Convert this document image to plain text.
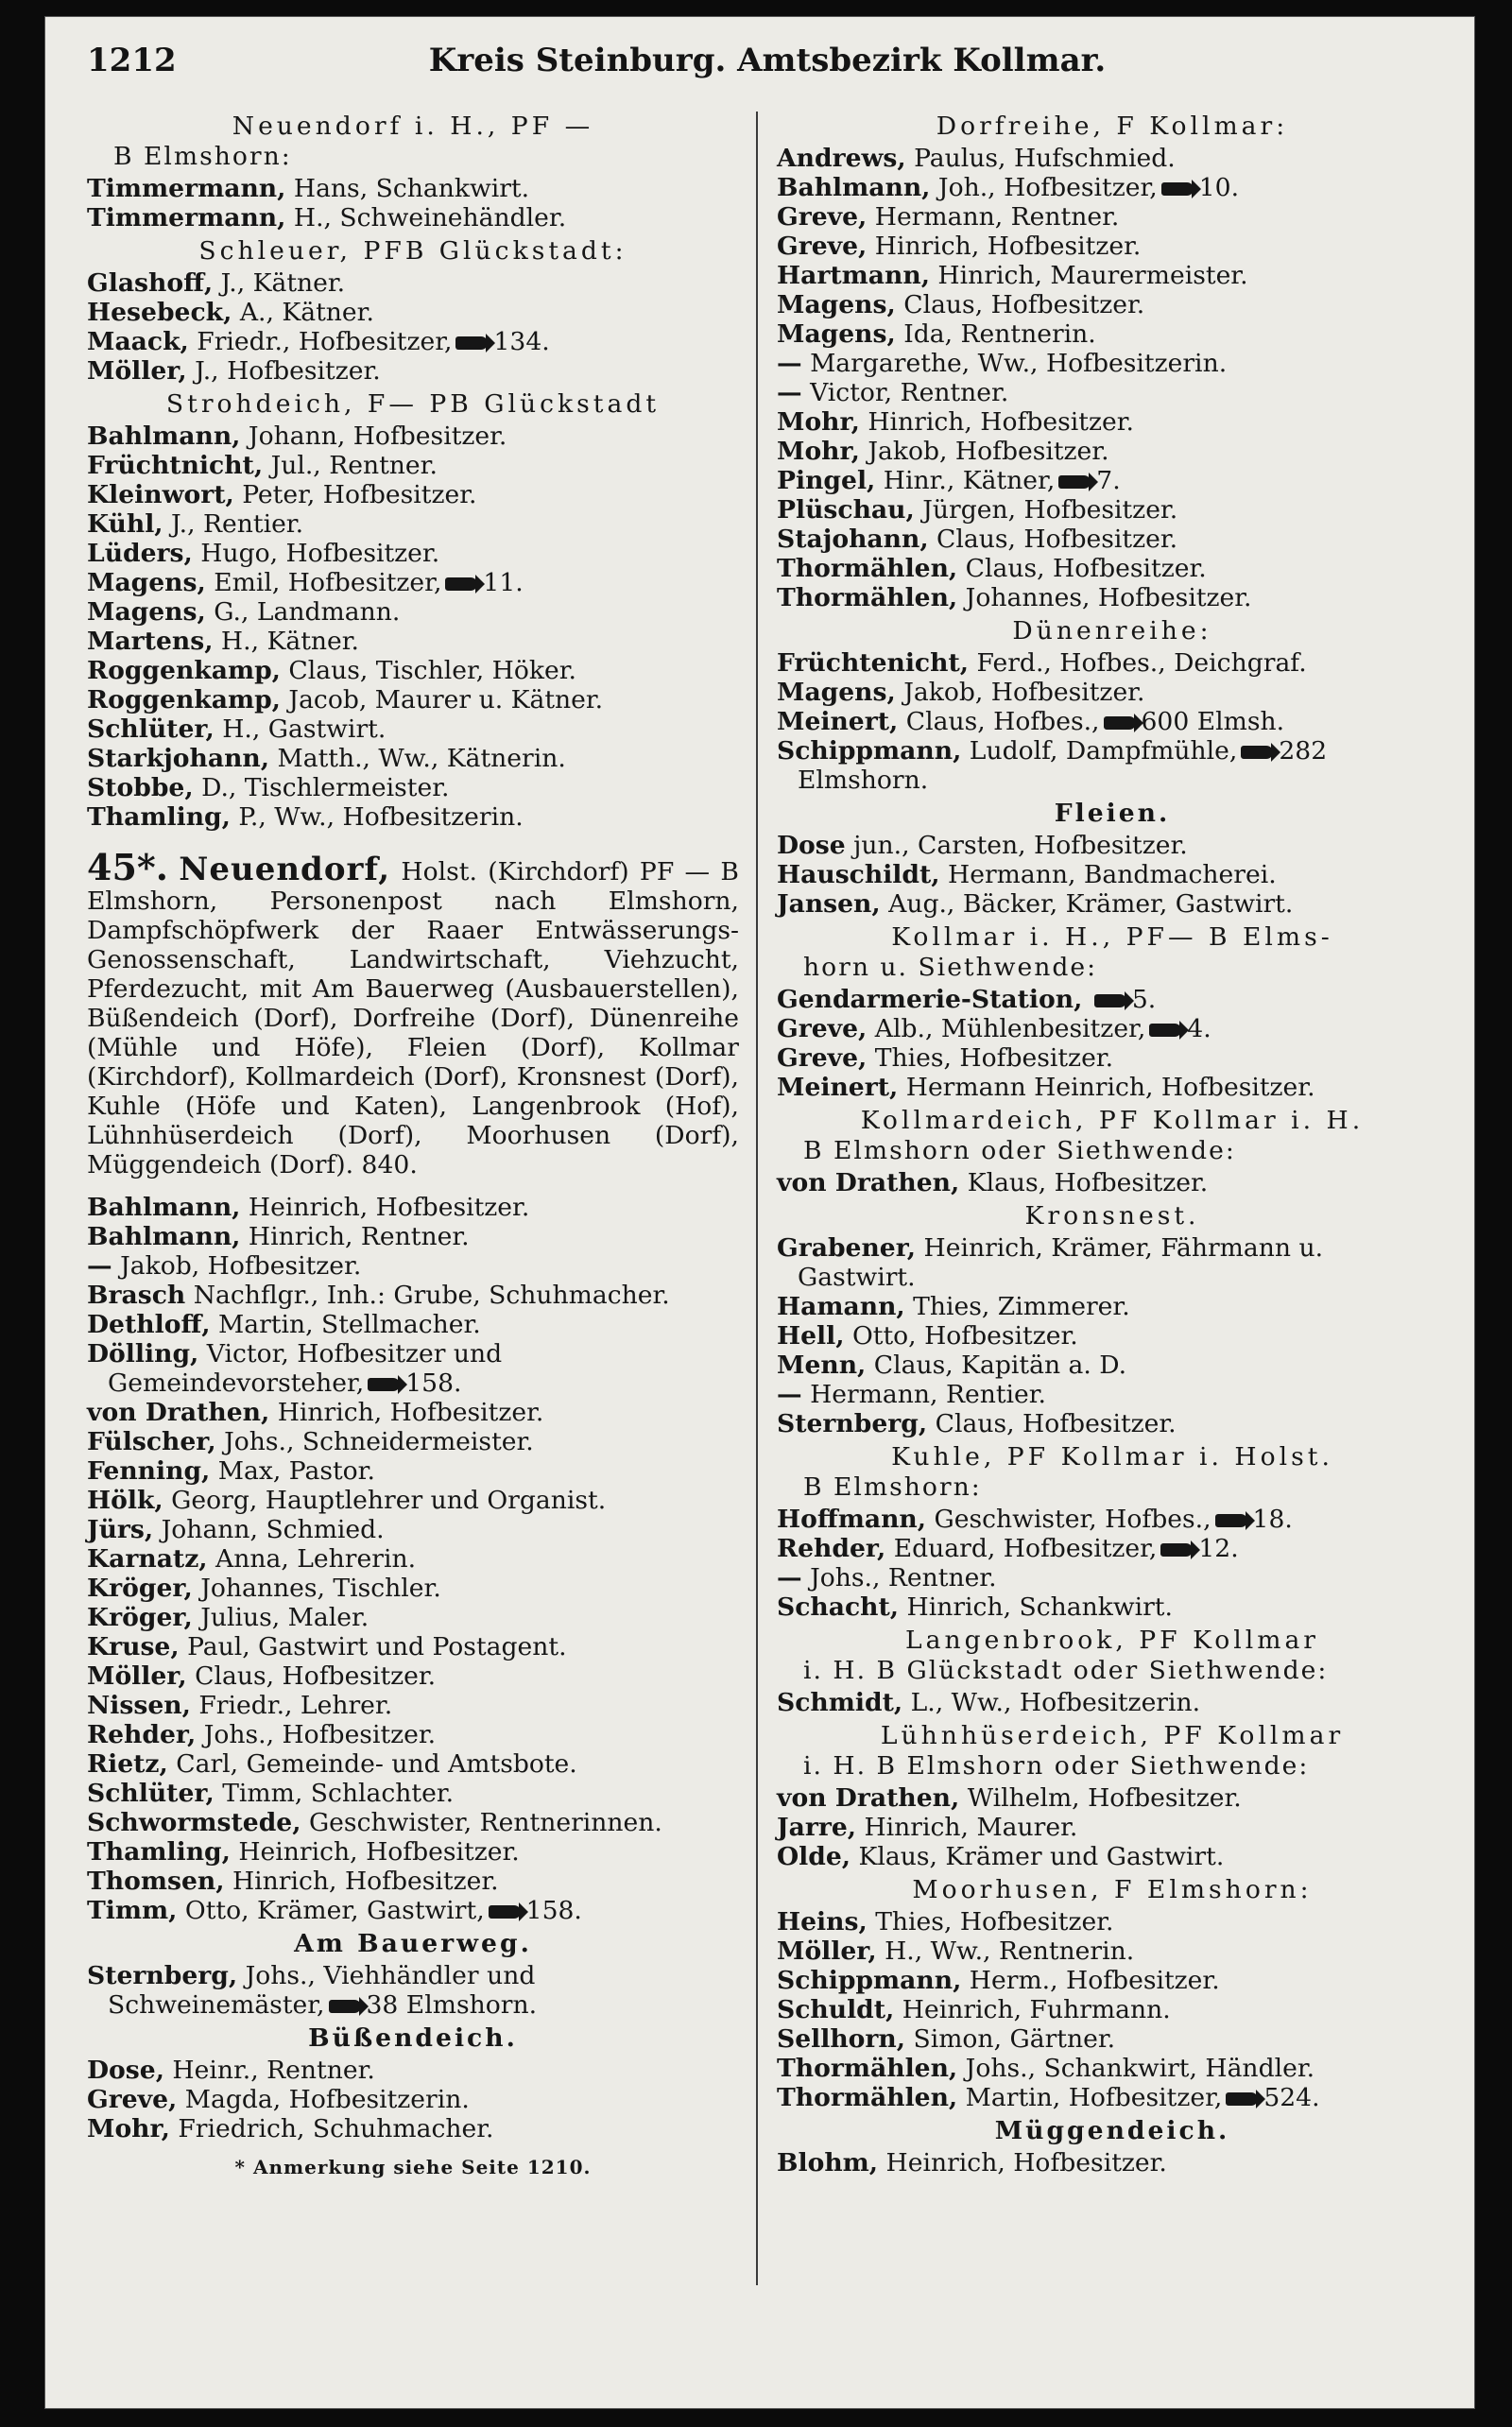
1212	Kreis Steinburg. Amtsbezirk Kollmar.
Neuendorf i. H., PF —
B Elmshorn:

Timmermann, Hans, Schankwirt.

Timmermann, H., Schweinehändler.

Schleuer, PFB Glückstadt:

Glashoff, J., Kätner.

Hesebeck, A., Kätner.

Maack, Friedr., Hofbesitzer, 134.

Möller, J., Hofbesitzer.

Strohdeich, F— PB Glückstadt

Bahlmann, Johann, Hofbesitzer.

Früchtnicht, Jul., Rentner.

Kleinwort, Peter, Hofbesitzer.

Kühl, J., Rentier.

Lüders, Hugo, Hofbesitzer.

Magens, Emil, Hofbesitzer, 11.

Magens, G., Landmann.

Martens, H., Kätner.

Roggenkamp, Claus, Tischler, Höker.

Roggenkamp, Jacob, Maurer u. Kätner.

Schlüter, H., Gastwirt.

Starkjohann, Matth., Ww., Kätnerin.

Stobbe, D., Tischlermeister.

Thamling, P., Ww., Hofbesitzerin.

45*. Neuendorf, Holst. (Kirchdorf) PF — B Elmshorn, Personenpost nach Elmshorn, Dampfschöpfwerk der Raaer Entwässerungs-Genossenschaft, Landwirtschaft, Viehzucht, Pferdezucht, mit Am Bauerweg (Ausbauerstellen), Büßendeich (Dorf), Dorfreihe (Dorf), Dünenreihe (Mühle und Höfe), Fleien (Dorf), Kollmar (Kirchdorf), Kollmardeich (Dorf), Kronsnest (Dorf), Kuhle (Höfe und Katen), Langenbrook (Hof), Lühnhüserdeich (Dorf), Moorhusen (Dorf), Müggendeich (Dorf). 840.

Bahlmann, Heinrich, Hofbesitzer.

Bahlmann, Hinrich, Rentner.

— Jakob, Hofbesitzer.

Brasch Nachflgr., Inh.: Grube, Schuhmacher.

Dethloff, Martin, Stellmacher.

Dölling, Victor, Hofbesitzer und Gemeindevorsteher, 158.

von Drathen, Hinrich, Hofbesitzer.

Fülscher, Johs., Schneidermeister.

Fenning, Max, Pastor.

Hölk, Georg, Hauptlehrer und Organist.

Jürs, Johann, Schmied.

Karnatz, Anna, Lehrerin.

Kröger, Johannes, Tischler.

Kröger, Julius, Maler.

Kruse, Paul, Gastwirt und Postagent.

Möller, Claus, Hofbesitzer.

Nissen, Friedr., Lehrer.

Rehder, Johs., Hofbesitzer.

Rietz, Carl, Gemeinde- und Amtsbote.

Schlüter, Timm, Schlachter.

Schwormstede, Geschwister, Rentnerinnen.

Thamling, Heinrich, Hofbesitzer.

Thomsen, Hinrich, Hofbesitzer.

Timm, Otto, Krämer, Gastwirt, 158.

Am Bauerweg.

Sternberg, Johs., Viehhändler und Schweinemäster, 38 Elmshorn.

Büßendeich.

Dose, Heinr., Rentner.

Greve, Magda, Hofbesitzerin.

Mohr, Friedrich, Schuhmacher.

* Anmerkung siehe Seite 1210.
Dorfreihe, F Kollmar:

Andrews, Paulus, Hufschmied.

Bahlmann, Joh., Hofbesitzer, 10.

Greve, Hermann, Rentner.

Greve, Hinrich, Hofbesitzer.

Hartmann, Hinrich, Maurermeister.

Magens, Claus, Hofbesitzer.

Magens, Ida, Rentnerin.

— Margarethe, Ww., Hofbesitzerin.

— Victor, Rentner.

Mohr, Hinrich, Hofbesitzer.

Mohr, Jakob, Hofbesitzer.

Pingel, Hinr., Kätner, 7.

Plüschau, Jürgen, Hofbesitzer.

Stajohann, Claus, Hofbesitzer.

Thormählen, Claus, Hofbesitzer.

Thormählen, Johannes, Hofbesitzer.

Dünenreihe:

Früchtenicht, Ferd., Hofbes., Deichgraf.

Magens, Jakob, Hofbesitzer.

Meinert, Claus, Hofbes., 600 Elmsh.

Schippmann, Ludolf, Dampfmühle, 282 Elmshorn.

Fleien.

Dose jun., Carsten, Hofbesitzer.

Hauschildt, Hermann, Bandmacherei.

Jansen, Aug., Bäcker, Krämer, Gastwirt.

Kollmar i. H., PF— B Elms-
horn u. Siethwende:

Gendarmerie-Station, 5.

Greve, Alb., Mühlenbesitzer, 4.

Greve, Thies, Hofbesitzer.

Meinert, Hermann Heinrich, Hofbesitzer.

Kollmardeich, PF Kollmar i. H.
B Elmshorn oder Siethwende:

von Drathen, Klaus, Hofbesitzer.

Kronsnest.

Grabener, Heinrich, Krämer, Fährmann u. Gastwirt.

Hamann, Thies, Zimmerer.

Hell, Otto, Hofbesitzer.

Menn, Claus, Kapitän a. D.

— Hermann, Rentier.

Sternberg, Claus, Hofbesitzer.

Kuhle, PF Kollmar i. Holst.
B Elmshorn:

Hoffmann, Geschwister, Hofbes., 18.

Rehder, Eduard, Hofbesitzer, 12.

— Johs., Rentner.

Schacht, Hinrich, Schankwirt.

Langenbrook, PF Kollmar
i. H. B Glückstadt oder Siethwende:

Schmidt, L., Ww., Hofbesitzerin.

Lühnhüserdeich, PF Kollmar
i. H. B Elmshorn oder Siethwende:

von Drathen, Wilhelm, Hofbesitzer.

Jarre, Hinrich, Maurer.

Olde, Klaus, Krämer und Gastwirt.

Moorhusen, F Elmshorn:

Heins, Thies, Hofbesitzer.

Möller, H., Ww., Rentnerin.

Schippmann, Herm., Hofbesitzer.

Schuldt, Heinrich, Fuhrmann.

Sellhorn, Simon, Gärtner.

Thormählen, Johs., Schankwirt, Händler.

Thormählen, Martin, Hofbesitzer, 524.

Müggendeich.

Blohm, Heinrich, Hofbesitzer.
